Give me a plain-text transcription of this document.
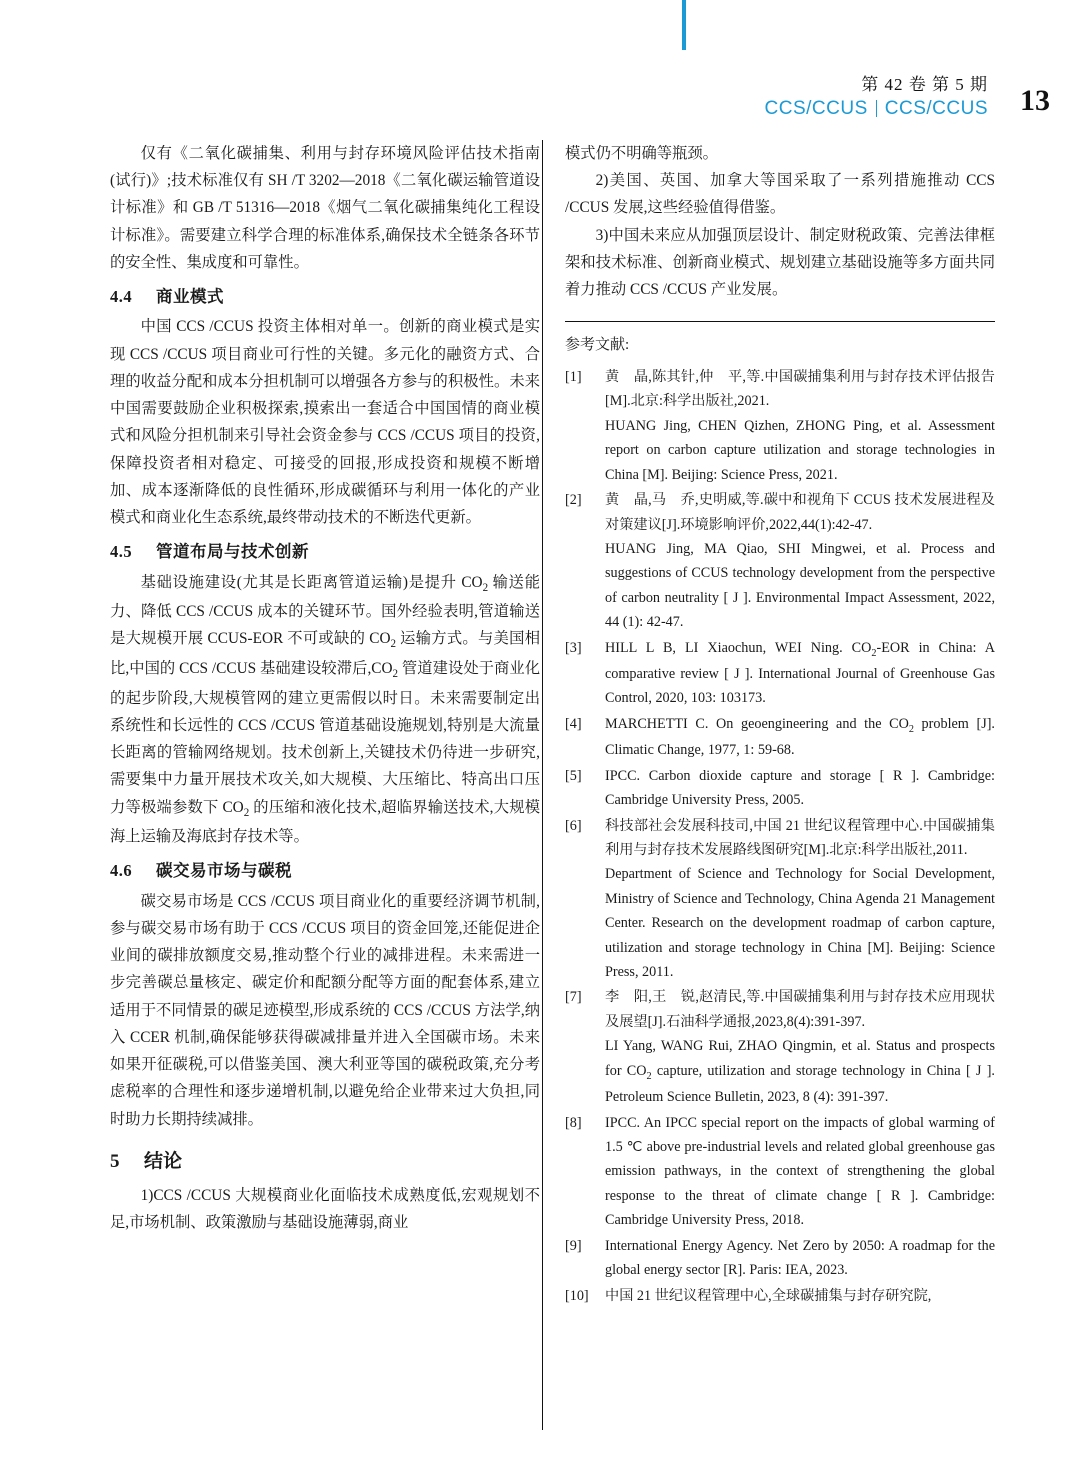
第 42 卷 第 5 期
CCS/CCUS CCS/CCUS 13

仅有《二氧化碳捕集、利用与封存环境风险评估技术指南(试行)》;技术标准仅有 SH /T 3202—2018《二氧化碳运输管道设计标准》和 GB /T 51316—2018《烟气二氧化碳捕集纯化工程设计标准》。需要建立科学合理的标准体系,确保技术全链条各环节的安全性、集成度和可靠性。

4.4 商业模式

中国 CCS /CCUS 投资主体相对单一。创新的商业模式是实现 CCS /CCUS 项目商业可行性的关键。多元化的融资方式、合理的收益分配和成本分担机制可以增强各方参与的积极性。未来中国需要鼓励企业积极探索,摸索出一套适合中国国情的商业模式和风险分担机制来引导社会资金参与 CCS /CCUS 项目的投资,保障投资者相对稳定、可接受的回报,形成投资和规模不断增加、成本逐渐降低的良性循环,形成碳循环与利用一体化的产业模式和商业化生态系统,最终带动技术的不断迭代更新。

4.5 管道布局与技术创新

基础设施建设(尤其是长距离管道运输)是提升 $CO_2$ 输送能力、降低 CCS /CCUS 成本的关键环节。国外经验表明,管道输送是大规模开展 CCUS-EOR 不可或缺的 $CO_2$ 运输方式。与美国相比,中国的 CCS /CCUS 基础建设较滞后$,CO_2$ 管道建设处于商业化的起步阶段,大规模管网的建立更需假以时日。未来需要制定出系统性和长远性的 CCS /CCUS 管道基础设施规划,特别是大流量长距离的管输网络规划。技术创新上,关键技术仍待进一步研究,需要集中力量开展技术攻关,如大规模、大压缩比、特高出口压力等极端参数下 $CO_2$ 的压缩和液化技术,超临界输送技术,大规模海上运输及海底封存技术等。

4.6 碳交易市场与碳税

碳交易市场是 CCS /CCUS 项目商业化的重要经济调节机制,参与碳交易市场有助于 CCS /CCUS 项目的资金回笼,还能促进企业间的碳排放额度交易,推动整个行业的减排进程。未来需进一步完善碳总量核定、碳定价和配额分配等方面的配套体系,建立适用于不同情景的碳足迹模型,形成系统的 CCS /CCUS 方法学,纳入 CCER 机制,确保能够获得碳减排量并进入全国碳市场。未来如果开征碳税,可以借鉴美国、澳大利亚等国的碳税政策,充分考虑税率的合理性和逐步递增机制,以避免给企业带来过大负担,同时助力长期持续减排。

5 结论

1)CCS /CCUS 大规模商业化面临技术成熟度低,宏观规划不足,市场机制、政策激励与基础设施薄弱,商业

模式仍不明确等瓶颈。

2)美国、英国、加拿大等国采取了一系列措施推动 CCS /CCUS 发展,这些经验值得借鉴。

3)中国未来应从加强顶层设计、制定财税政策、完善法律框架和技术标准、创新商业模式、规划建立基础设施等多方面共同着力推动 CCS /CCUS 产业发展。

参考文献:

[1]	黄　晶,陈其针,仲　平,等.中国碳捕集利用与封存技术评估报告[M].北京:科学出版社,2021.
HUANG Jing, CHEN Qizhen, ZHONG Ping, et al. Assessment report on carbon capture utilization and storage technologies in China [M]. Beijing: Science Press, 2021.
[2]	黄　晶,马　乔,史明威,等.碳中和视角下 CCUS 技术发展进程及对策建议[J].环境影响评价,2022,44(1):42-47.
HUANG Jing, MA Qiao, SHI Mingwei, et al. Process and suggestions of CCUS technology development from the perspective of carbon neutrality [ J ]. Environmental Impact Assessment, 2022, 44 (1): 42-47.
[3]	HILL L B, LI Xiaochun, WEI Ning. $CO_2$-EOR in China: A comparative review [ J ]. International Journal of Greenhouse Gas Control, 2020, 103: 103173.
[4]	MARCHETTI C. On geoengineering and the $CO_2$ problem [J]. Climatic Change, 1977, 1: 59-68.
[5]	IPCC. Carbon dioxide capture and storage [ R ]. Cambridge: Cambridge University Press, 2005.
[6]	科技部社会发展科技司,中国 21 世纪议程管理中心.中国碳捕集利用与封存技术发展路线图研究[M].北京:科学出版社,2011.
Department of Science and Technology for Social Development, Ministry of Science and Technology, China Agenda 21 Management Center. Research on the development roadmap of carbon capture, utilization and storage technology in China [M]. Beijing: Science Press, 2011.
[7]	李　阳,王　锐,赵清民,等.中国碳捕集利用与封存技术应用现状及展望[J].石油科学通报,2023,8(4):391-397.
LI Yang, WANG Rui, ZHAO Qingmin, et al. Status and prospects for $CO_2$ capture, utilization and storage technology in China [ J ]. Petroleum Science Bulletin, 2023, 8 (4): 391-397.
[8]	IPCC. An IPCC special report on the impacts of global warming of 1.5 ℃ above pre-industrial levels and related global greenhouse gas emission pathways, in the context of strengthening the global response to the threat of climate change [ R ]. Cambridge: Cambridge University Press, 2018.
[9]	International Energy Agency. Net Zero by 2050: A roadmap for the global energy sector [R]. Paris: IEA, 2023.
[10]	中国 21 世纪议程管理中心,全球碳捕集与封存研究院,
